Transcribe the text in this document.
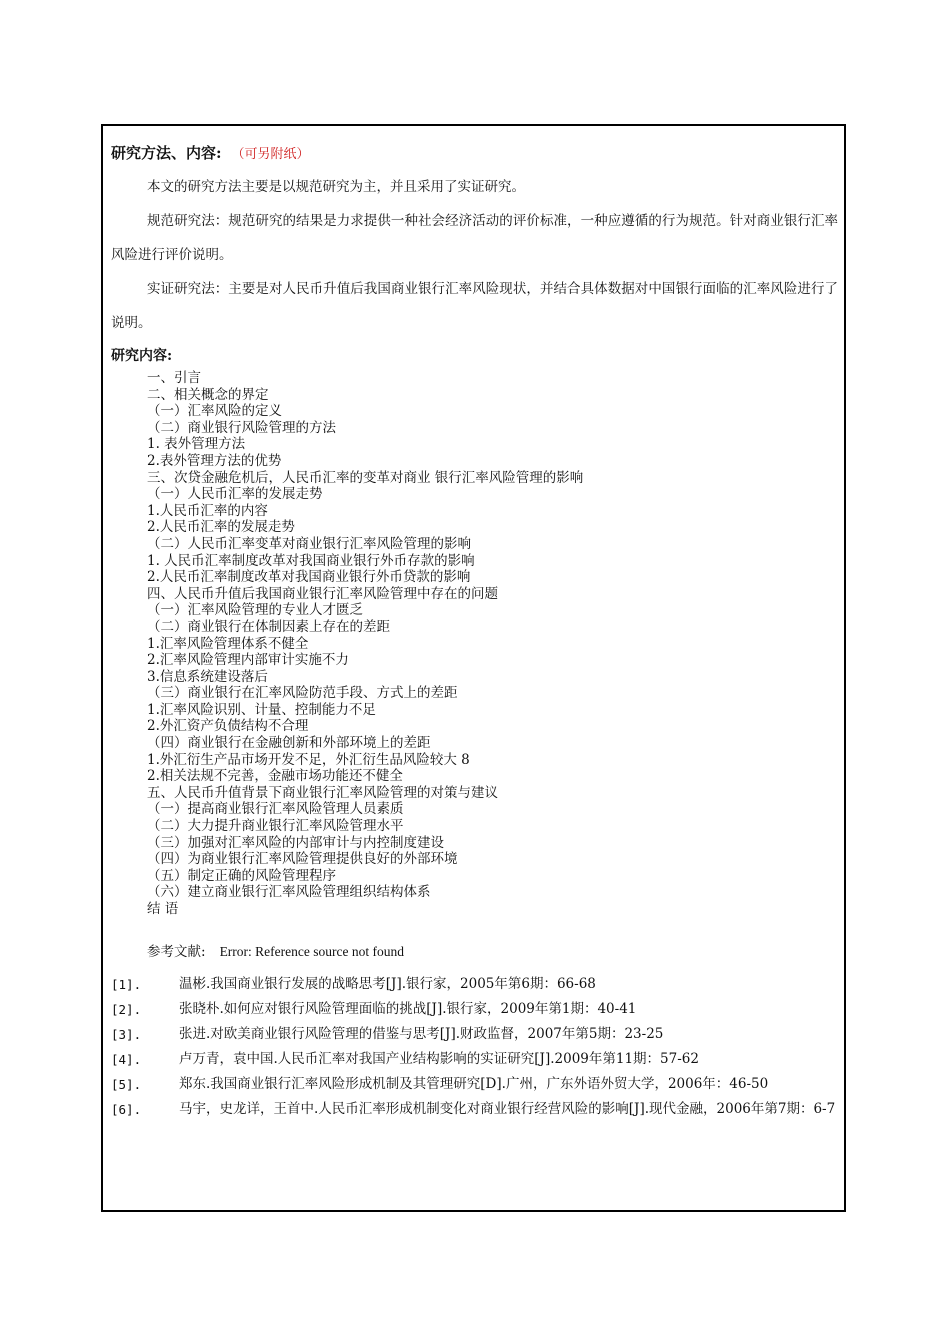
研究方法、内容: （可另附纸）

本文的研究方法主要是以规范研究为主，并且采用了实证研究。

规范研究法：规范研究的结果是力求提供一种社会经济活动的评价标准，一种应遵循的行为规范。针对商业银行汇率风险进行评价说明。

实证研究法：主要是对人民币升值后我国商业银行汇率风险现状，并结合具体数据对中国银行面临的汇率风险进行了说明。

研究内容:
一、引言
二、相关概念的界定
（一）汇率风险的定义
（二）商业银行风险管理的方法
1. 表外管理方法
2.表外管理方法的优势
三、次贷金融危机后，人民币汇率的变革对商业 银行汇率风险管理的影响
（一）人民币汇率的发展走势
1.人民币汇率的内容
2.人民币汇率的发展走势
（二）人民币汇率变革对商业银行汇率风险管理的影响
1. 人民币汇率制度改革对我国商业银行外币存款的影响
2.人民币汇率制度改革对我国商业银行外币贷款的影响
四、人民币升值后我国商业银行汇率风险管理中存在的问题
（一）汇率风险管理的专业人才匮乏
（二）商业银行在体制因素上存在的差距
1.汇率风险管理体系不健全
2.汇率风险管理内部审计实施不力
3.信息系统建设落后
（三）商业银行在汇率风险防范手段、方式上的差距
1.汇率风险识别、计量、控制能力不足
2.外汇资产负债结构不合理
（四）商业银行在金融创新和外部环境上的差距
1.外汇衍生产品市场开发不足，外汇衍生品风险较大 8
2.相关法规不完善，金融市场功能还不健全
五、人民币升值背景下商业银行汇率风险管理的对策与建议
（一）提高商业银行汇率风险管理人员素质
（二）大力提升商业银行汇率风险管理水平
（三）加强对汇率风险的内部审计与内控制度建设
（四）为商业银行汇率风险管理提供良好的外部环境
（五）制定正确的风险管理程序
（六）建立商业银行汇率风险管理组织结构体系
结 语
参考文献: Error: Reference source not found
[1].	温彬.我国商业银行发展的战略思考[J].银行家，2005年第6期：66-68
[2].	张晓朴.如何应对银行风险管理面临的挑战[J].银行家，2009年第1期：40-41
[3].	张进.对欧美商业银行风险管理的借鉴与思考[J].财政监督，2007年第5期：23-25
[4].	卢万青，袁中国.人民币汇率对我国产业结构影响的实证研究[J].2009年第11期：57-62
[5].	郑东.我国商业银行汇率风险形成机制及其管理研究[D].广州，广东外语外贸大学，2006年：46-50
[6].	马宇，史龙详，王首中.人民币汇率形成机制变化对商业银行经营风险的影响[J].现代金融，2006年第7期：6-7
